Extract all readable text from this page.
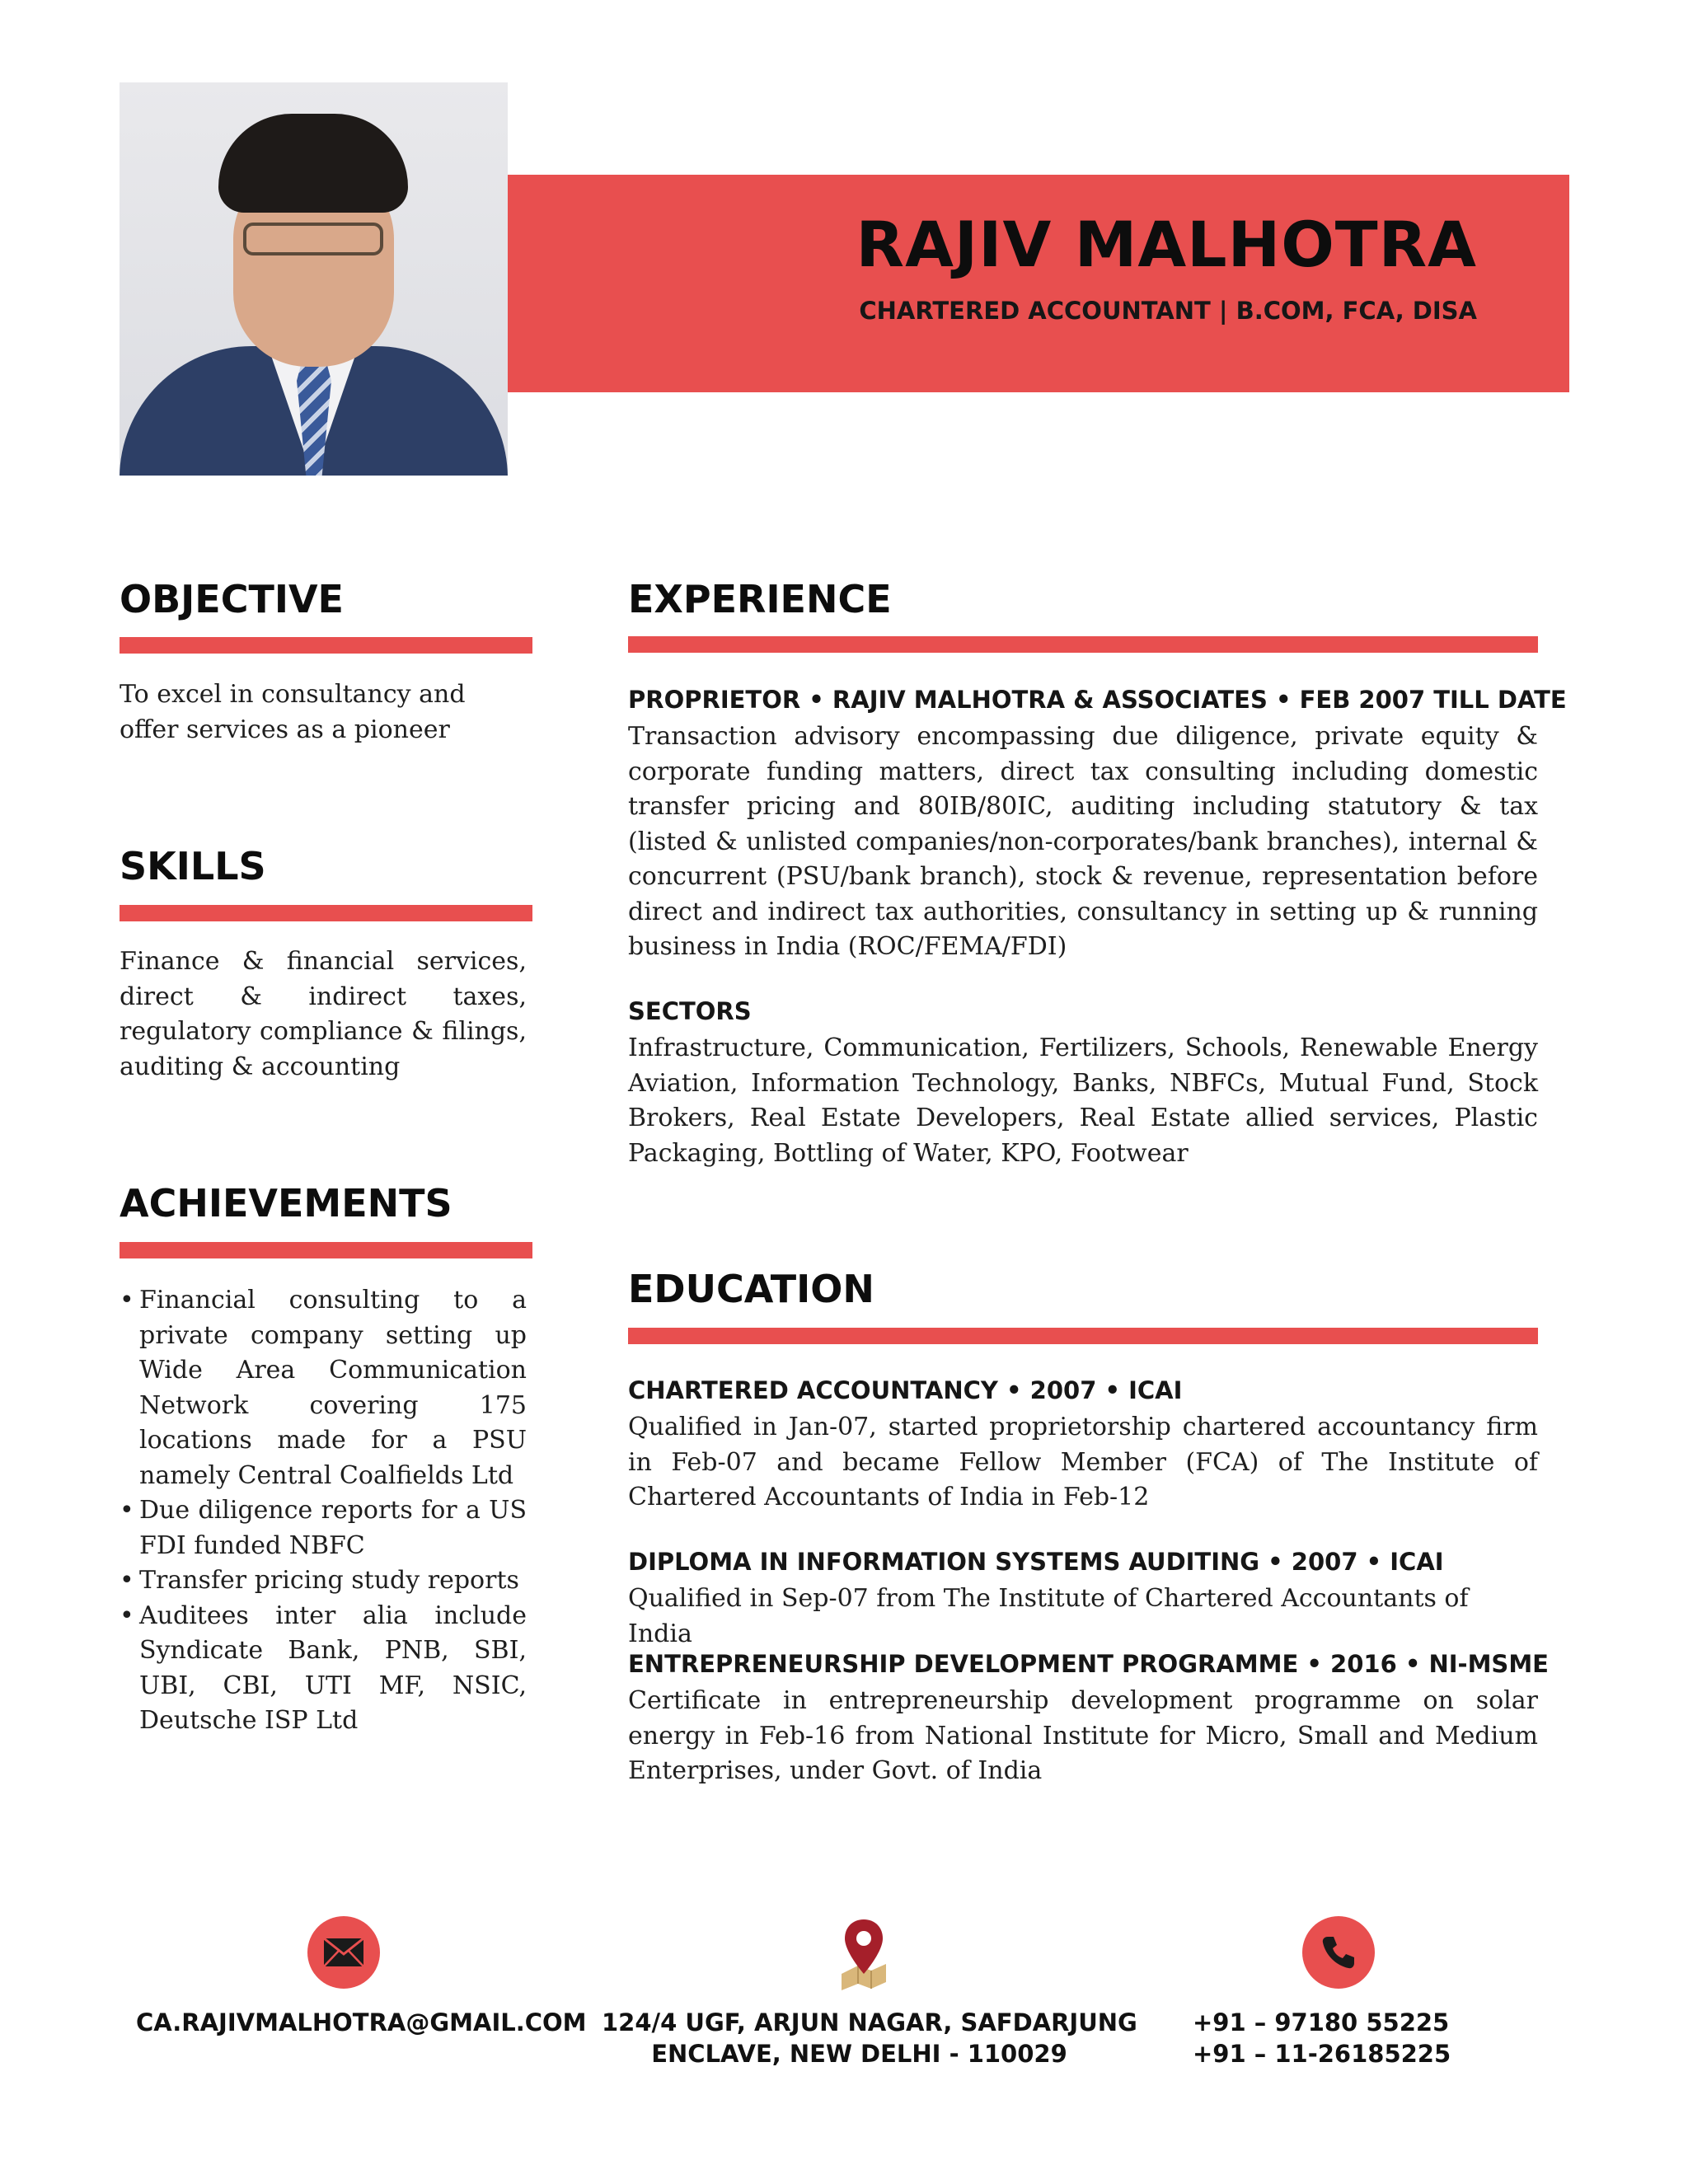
RAJIV MALHOTRA
CHARTERED ACCOUNTANT | B.COM, FCA, DISA
OBJECTIVE
To excel in consultancy and offer services as a pioneer
SKILLS
Finance & financial services, direct & indirect taxes, regulatory compliance & filings, auditing & accounting
ACHIEVEMENTS
• Financial consulting to a private company setting up Wide Area Communication Network covering 175 locations made for a PSU namely Central Coalfields Ltd
• Due diligence reports for a US FDI funded NBFC
• Transfer pricing study reports
• Auditees inter alia include Syndicate Bank, PNB, SBI, UBI, CBI, UTI MF, NSIC, Deutsche ISP Ltd
EXPERIENCE
PROPRIETOR • RAJIV MALHOTRA & ASSOCIATES • FEB 2007 TILL DATE
Transaction advisory encompassing due diligence, private equity & corporate funding matters, direct tax consulting including domestic transfer pricing and 80IB/80IC, auditing including statutory & tax (listed & unlisted companies/non-corporates/bank branches), internal & concurrent (PSU/bank branch), stock & revenue, representation before direct and indirect tax authorities, consultancy in setting up & running business in India (ROC/FEMA/FDI)
SECTORS
Infrastructure, Communication, Fertilizers, Schools, Renewable Energy Aviation, Information Technology, Banks, NBFCs, Mutual Fund, Stock Brokers, Real Estate Developers, Real Estate allied services, Plastic Packaging, Bottling of Water, KPO, Footwear
EDUCATION
CHARTERED ACCOUNTANCY • 2007 • ICAI
Qualified in Jan-07, started proprietorship chartered accountancy firm in Feb-07 and became Fellow Member (FCA) of The Institute of Chartered Accountants of India in Feb-12
DIPLOMA IN INFORMATION SYSTEMS AUDITING • 2007 • ICAI
Qualified in Sep-07 from The Institute of Chartered Accountants of India
ENTREPRENEURSHIP DEVELOPMENT PROGRAMME • 2016 • NI-MSME
Certificate in entrepreneurship development programme on solar energy in Feb-16 from National Institute for Micro, Small and Medium Enterprises, under Govt. of India
CA.RAJIVMALHOTRA@GMAIL.COM 124/4 UGF, ARJUN NAGAR, SAFDARJUNG
ENCLAVE, NEW DELHI - 110029
+91 – 97180 55225
+91 – 11-26185225
